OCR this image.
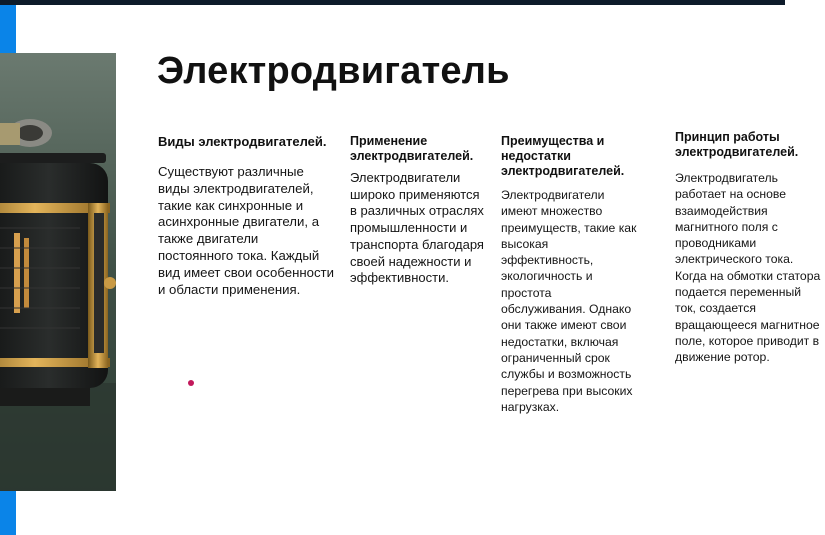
Электродвигатель
Виды электродвигателей.

Существуют различные виды электродвигателей, такие как синхронные и асинхронные двигатели, а также двигатели постоянного тока. Каждый вид имеет свои особенности и области применения.

Применение электродвигателей.

Электродвигатели широко применяются в различных отраслях промышленности и транспорта благодаря своей надежности и эффективности.

Преимущества и недостатки электродвигателей.

Электродвигатели имеют множество преимуществ, такие как высокая эффективность, экологичность и простота обслуживания. Однако они также имеют свои недостатки, включая ограниченный срок службы и возможность перегрева при высоких нагрузках.

Принцип работы электродвигателей.

Электродвигатель работает на основе взаимодействия магнитного поля с проводниками электрического тока. Когда на обмотки статора подается переменный ток, создается вращающееся магнитное поле, которое приводит в движение ротор.
